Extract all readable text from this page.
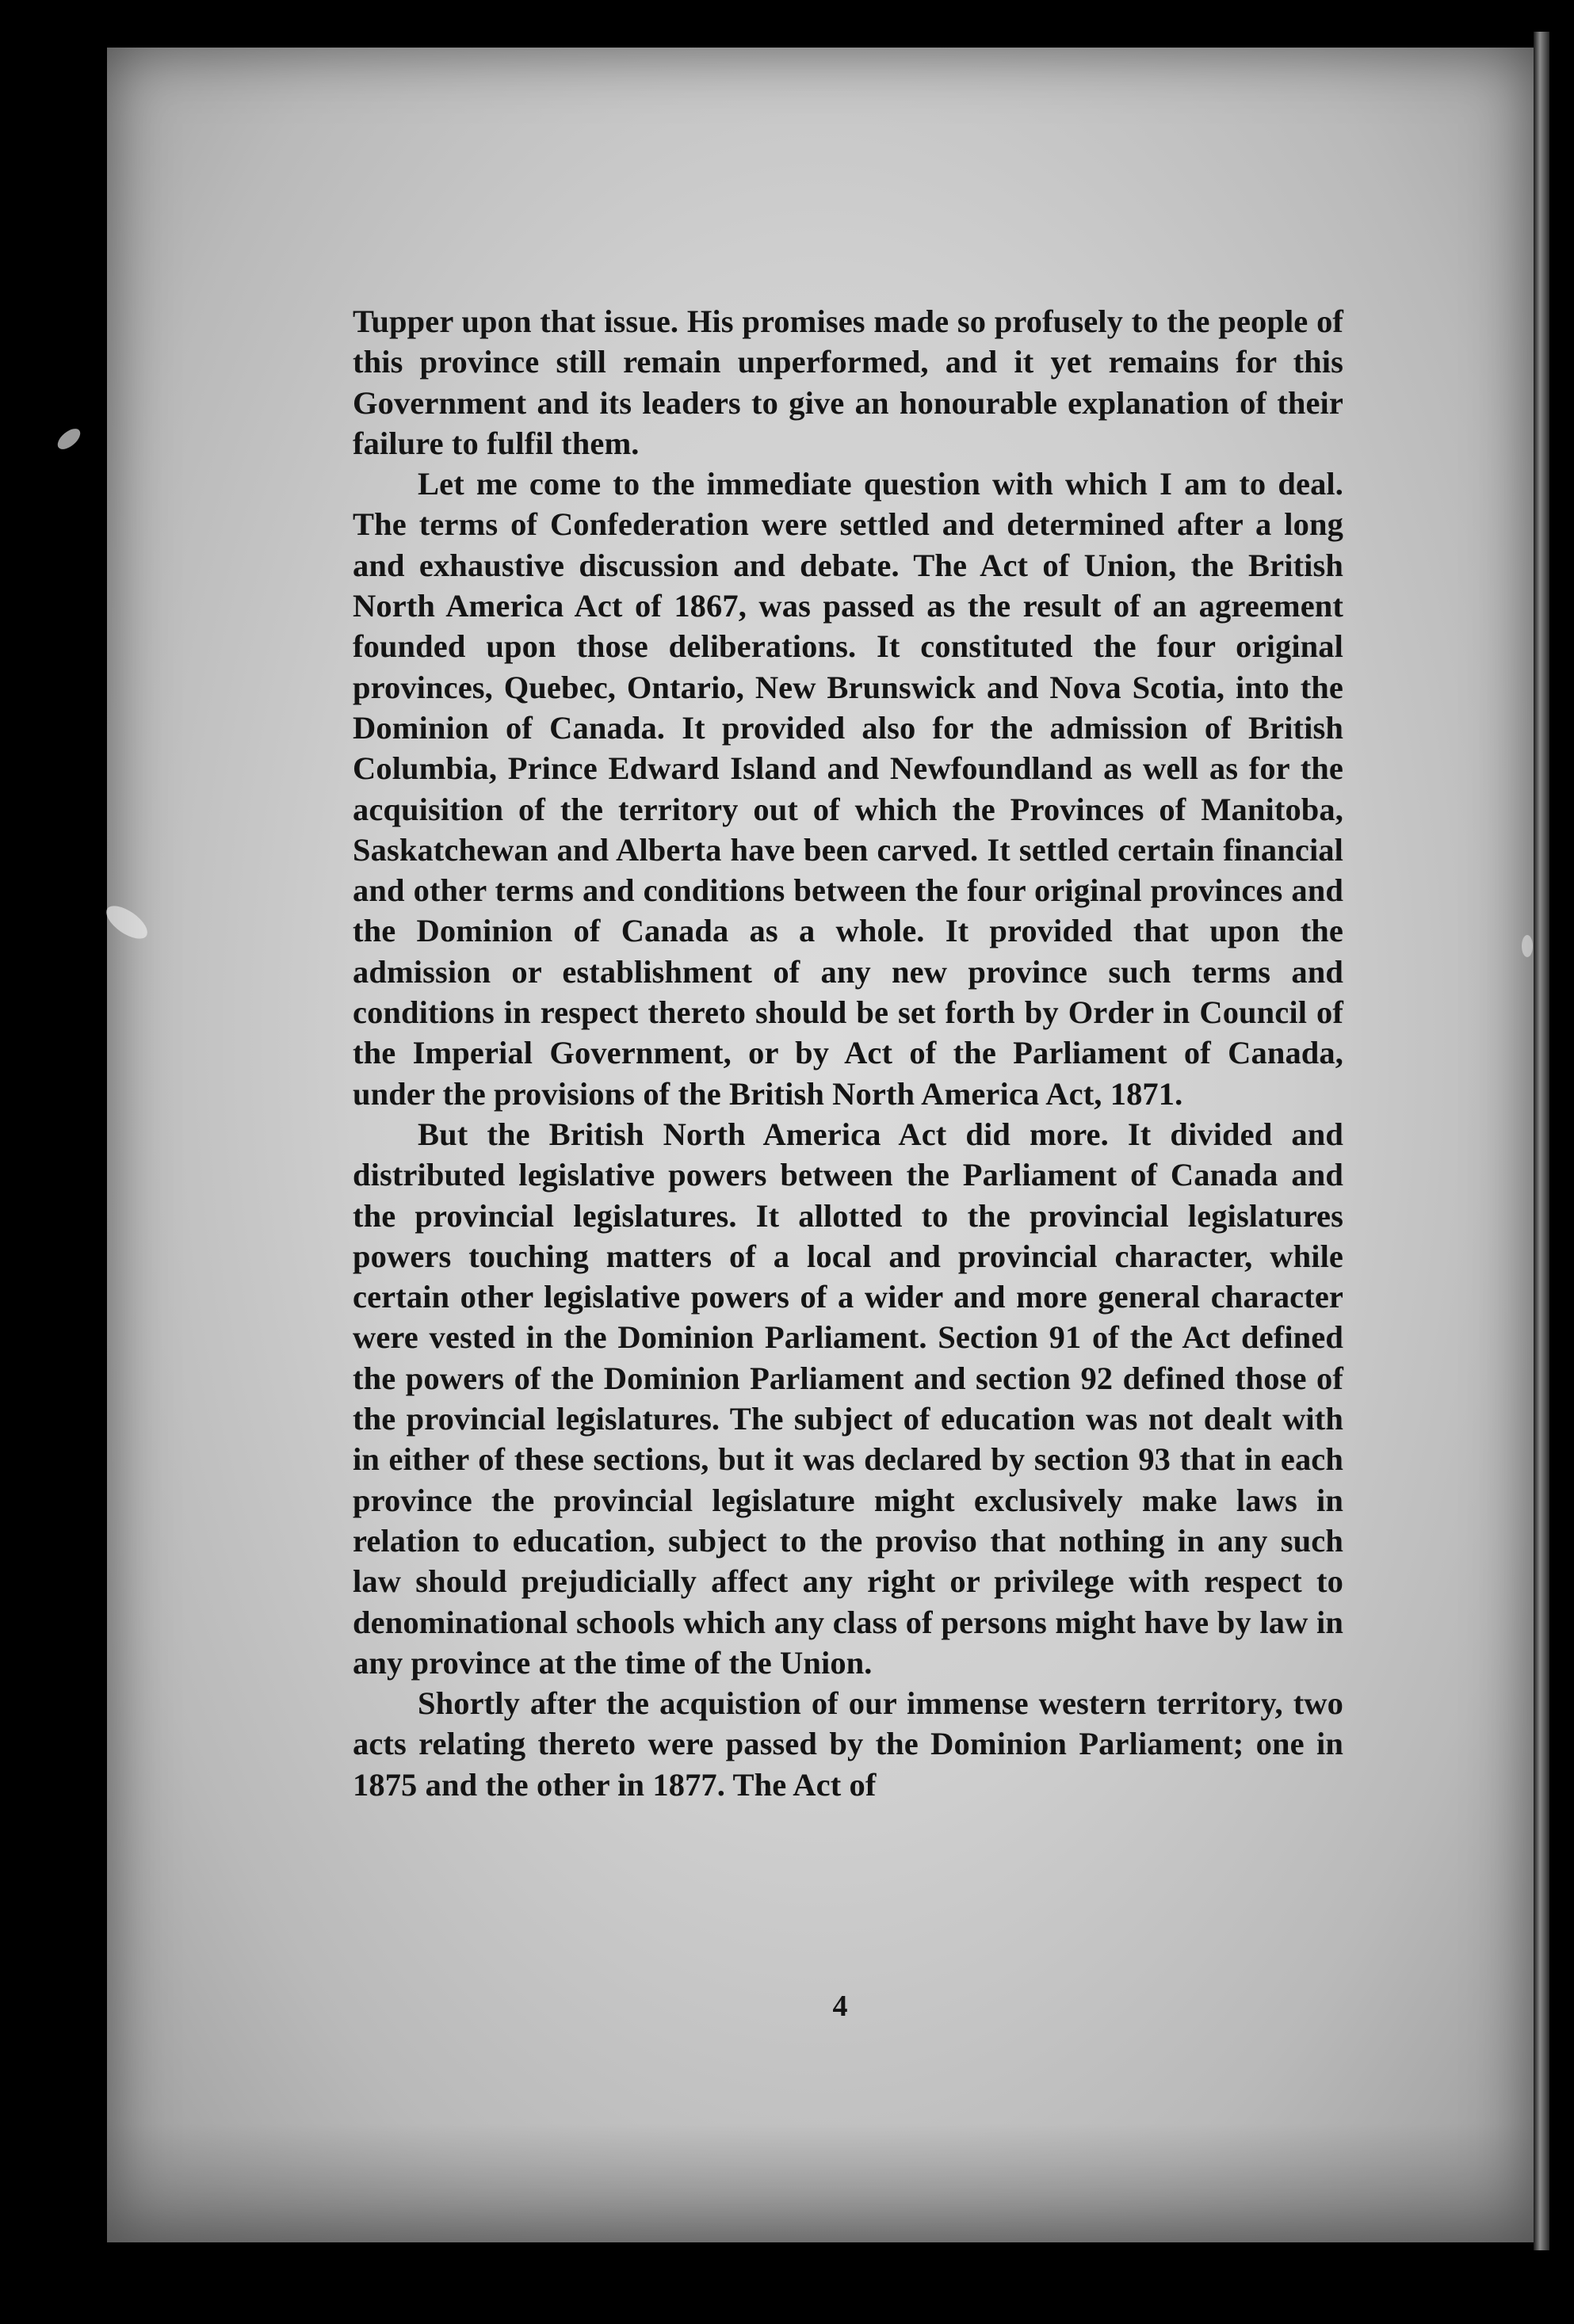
Tupper upon that issue. His promises made so profusely to the people of this province still remain unperformed, and it yet remains for this Government and its leaders to give an honourable explanation of their failure to fulfil them.

Let me come to the immediate question with which I am to deal. The terms of Confederation were settled and determined after a long and exhaustive discussion and debate. The Act of Union, the British North America Act of 1867, was passed as the result of an agreement founded upon those deliberations. It constituted the four original provinces, Quebec, Ontario, New Brunswick and Nova Scotia, into the Dominion of Canada. It provided also for the admission of British Columbia, Prince Edward Island and Newfoundland as well as for the acquisition of the territory out of which the Provinces of Manitoba, Saskatchewan and Alberta have been carved. It settled certain financial and other terms and conditions between the four original provinces and the Dominion of Canada as a whole. It provided that upon the admission or establishment of any new province such terms and conditions in respect thereto should be set forth by Order in Council of the Imperial Government, or by Act of the Parliament of Canada, under the provisions of the British North America Act, 1871.

But the British North America Act did more. It divided and distributed legislative powers between the Parliament of Canada and the provincial legislatures. It allotted to the provincial legislatures powers touching matters of a local and provincial character, while certain other legislative powers of a wider and more general character were vested in the Dominion Parliament. Section 91 of the Act defined the powers of the Dominion Parliament and section 92 defined those of the provincial legislatures. The subject of education was not dealt with in either of these sections, but it was declared by section 93 that in each province the provincial legislature might exclusively make laws in relation to education, subject to the proviso that nothing in any such law should prejudicially affect any right or privilege with respect to denominational schools which any class of persons might have by law in any province at the time of the Union.

Shortly after the acquistion of our immense western territory, two acts relating thereto were passed by the Dominion Parliament; one in 1875 and the other in 1877. The Act of

4
